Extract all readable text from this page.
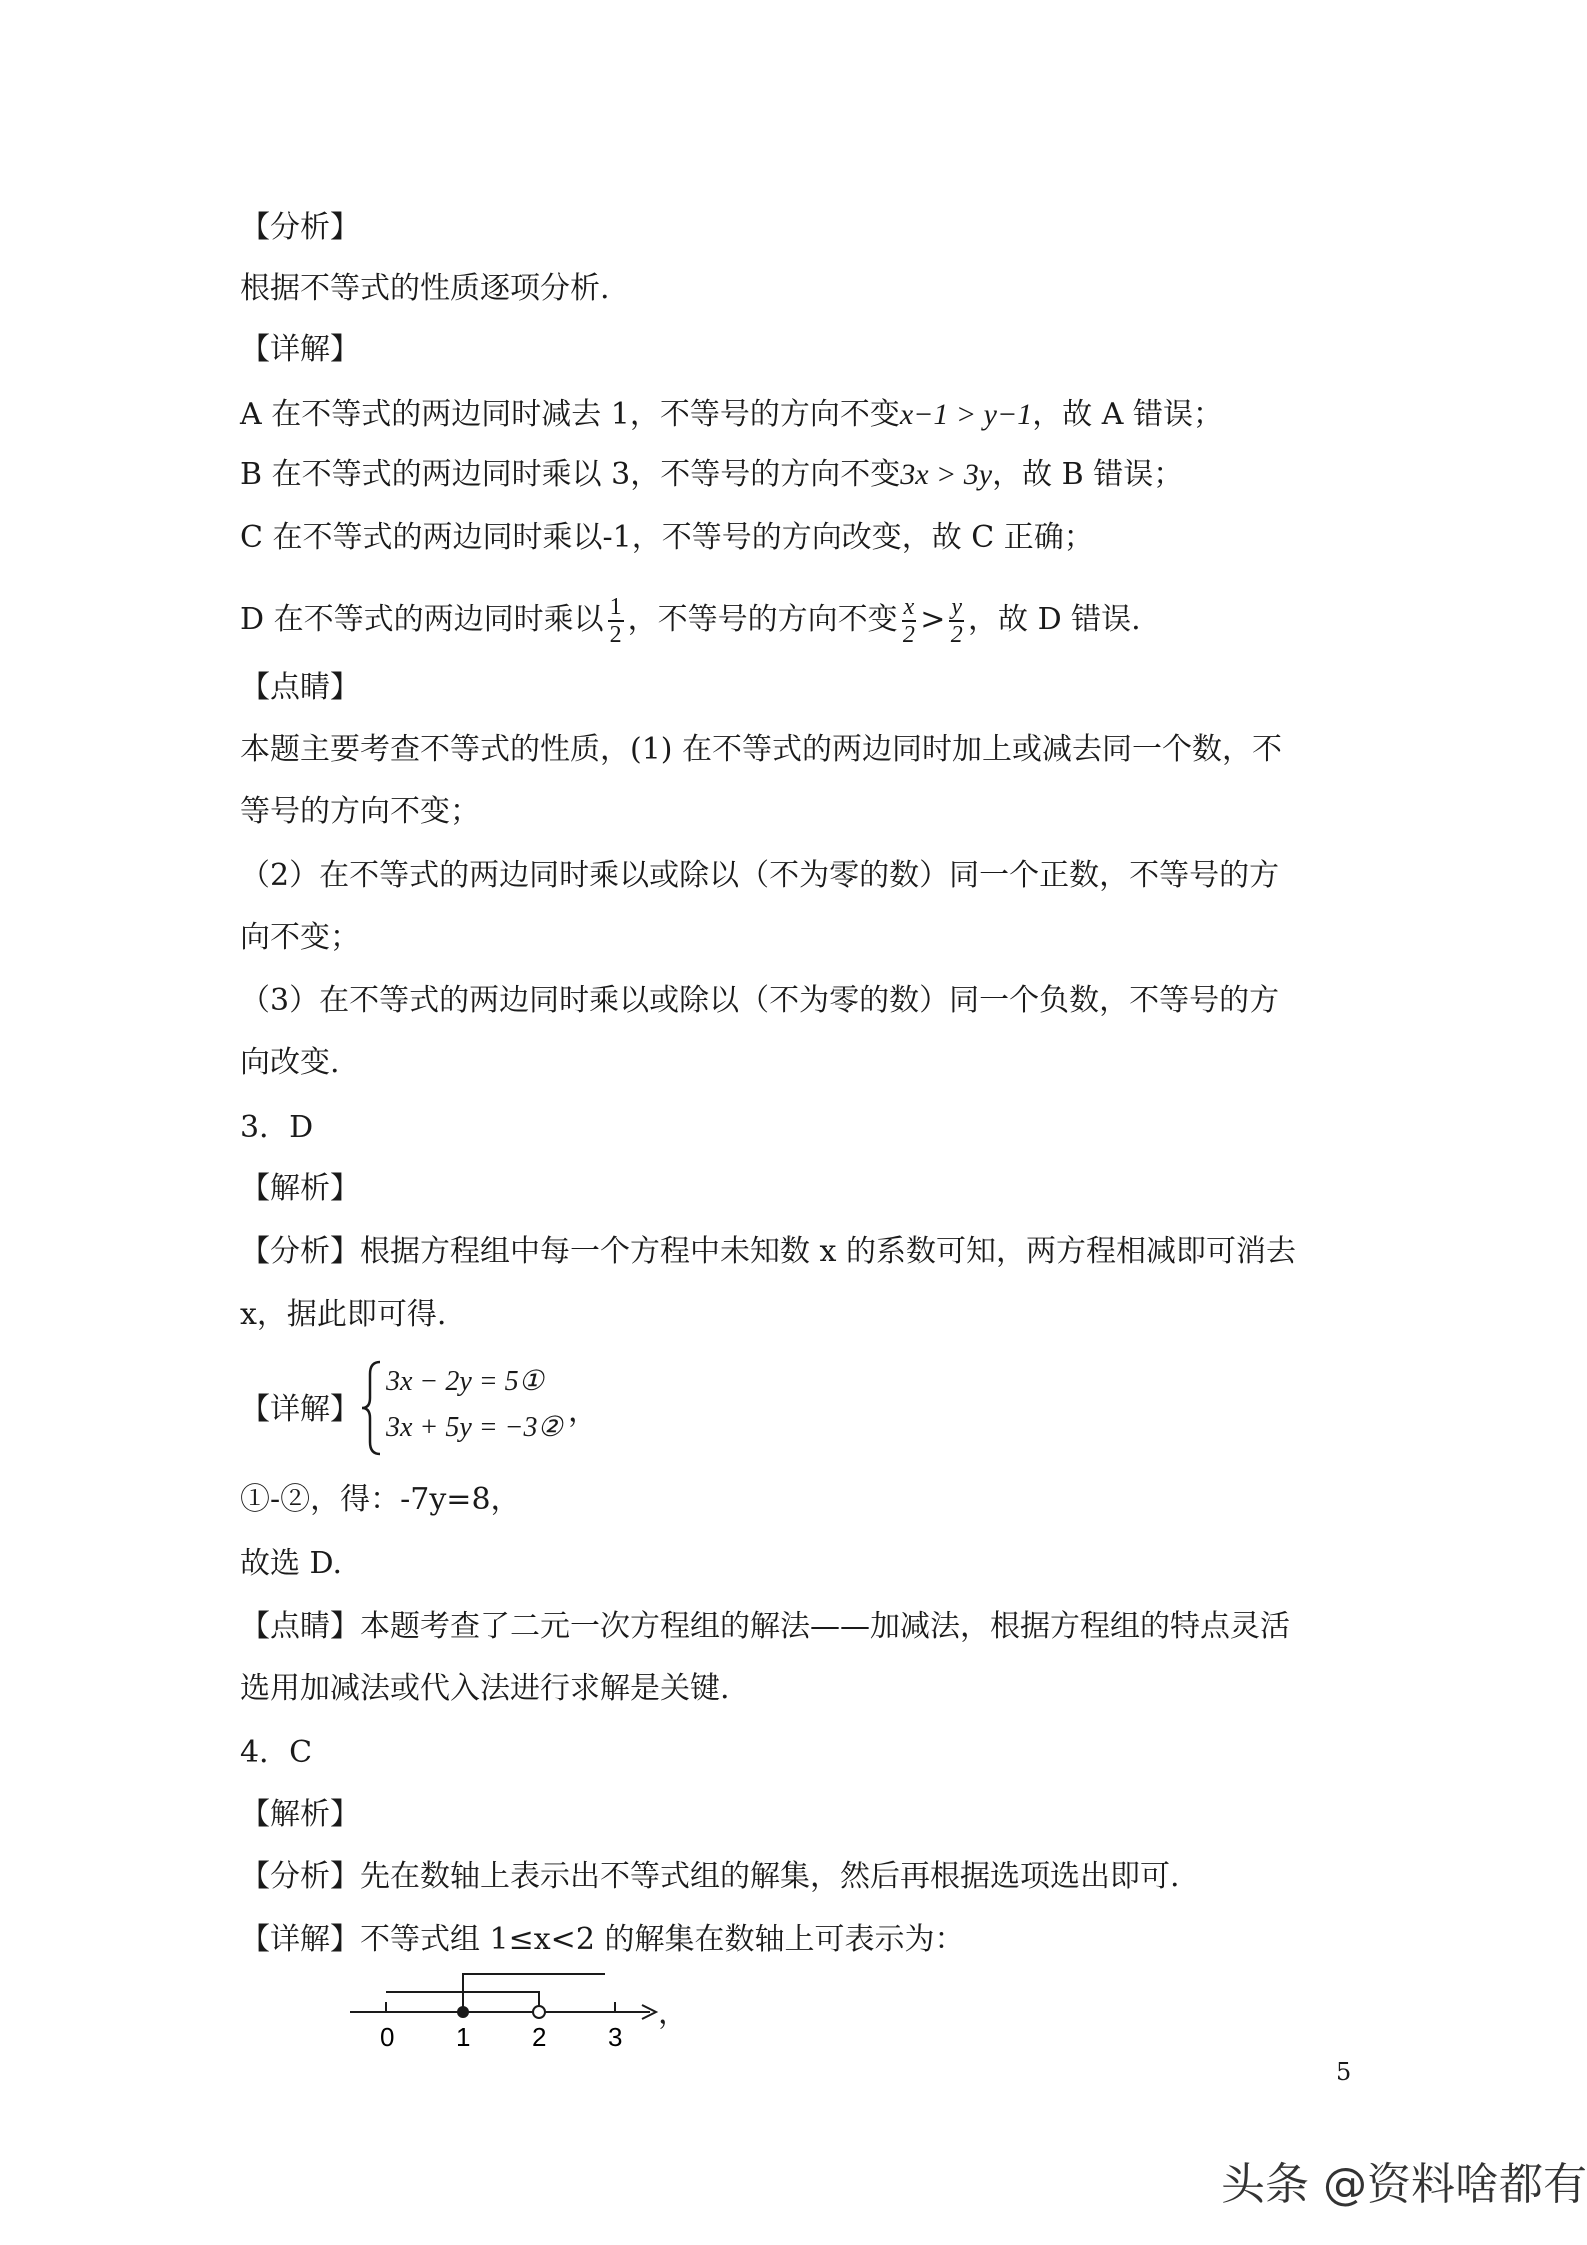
【分析】
根据不等式的性质逐项分析.
【详解】
A 在不等式的两边同时减去 1，不等号的方向不变x−1 > y−1，故 A 错误；
B 在不等式的两边同时乘以 3，不等号的方向不变3x > 3y，故 B 错误；
C 在不等式的两边同时乘以-1，不等号的方向改变，故 C 正确；
D 在不等式的两边同时乘以 $\frac{1}{2}$ ，不等号的方向不变 $\frac{x}{2} > \frac{y}{2}$ ，故 D 错误.
【点睛】
本题主要考查不等式的性质，(1) 在不等式的两边同时加上或减去同一个数，不
等号的方向不变；
（2）在不等式的两边同时乘以或除以（不为零的数）同一个正数，不等号的方
向不变；
（3）在不等式的两边同时乘以或除以（不为零的数）同一个负数，不等号的方
向改变.
3．D
【解析】
【分析】根据方程组中每一个方程中未知数 x 的系数可知，两方程相减即可消去
x，据此即可得.
【详解】
3x − 2y = 5①
3x + 5y = −3② ，
①-②，得：-7y=8，
故选 D.
【点睛】本题考查了二元一次方程组的解法——加减法，根据方程组的特点灵活
选用加减法或代入法进行求解是关键.
4．C
【解析】
【分析】先在数轴上表示出不等式组的解集，然后再根据选项选出即可.
【详解】不等式组 1≤x<2 的解集在数轴上可表示为：
0 1 2 3
，
5
头条 @资料啥都有
